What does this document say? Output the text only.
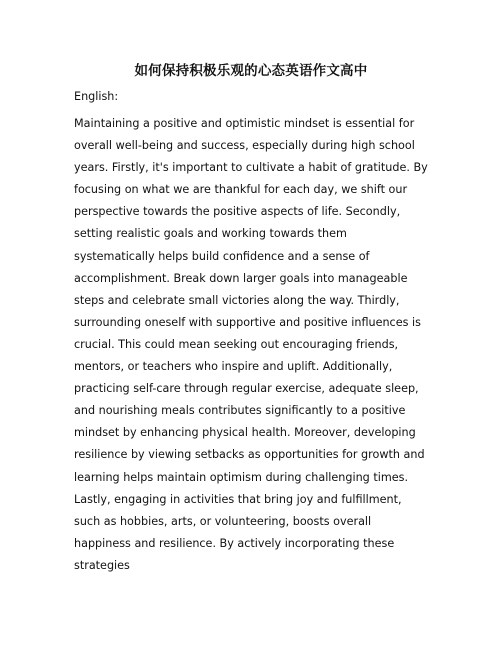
如何保持积极乐观的心态英语作文高中
English:
Maintaining a positive and optimistic mindset is essential for overall well-being and success, especially during high school years. Firstly, it's important to cultivate a habit of gratitude. By focusing on what we are thankful for each day, we shift our perspective towards the positive aspects of life. Secondly, setting realistic goals and working towards them systematically helps build confidence and a sense of accomplishment. Break down larger goals into manageable steps and celebrate small victories along the way. Thirdly, surrounding oneself with supportive and positive influences is crucial. This could mean seeking out encouraging friends, mentors, or teachers who inspire and uplift. Additionally, practicing self-care through regular exercise, adequate sleep, and nourishing meals contributes significantly to a positive mindset by enhancing physical health. Moreover, developing resilience by viewing setbacks as opportunities for growth and learning helps maintain optimism during challenging times. Lastly, engaging in activities that bring joy and fulfillment, such as hobbies, arts, or volunteering, boosts overall happiness and resilience. By actively incorporating these strategies
